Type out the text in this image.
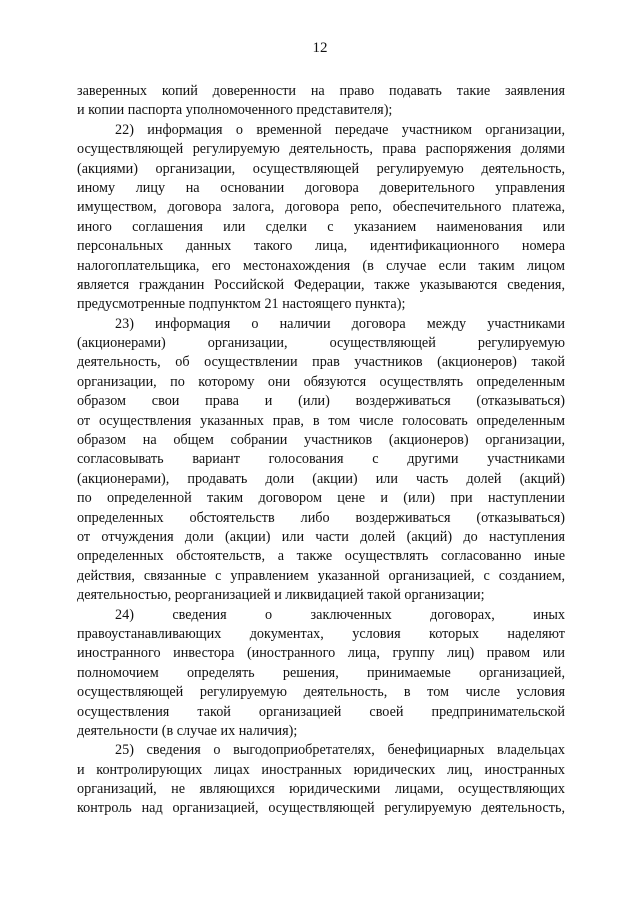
12
заверенных копий доверенности на право подавать такие заявления
и копии паспорта уполномоченного представителя);
22) информация о временной передаче участником организации,
осуществляющей регулируемую деятельность, права распоряжения долями
(акциями) организации, осуществляющей регулируемую деятельность,
иному лицу на основании договора доверительного управления
имуществом, договора залога, договора репо, обеспечительного платежа,
иного соглашения или сделки с указанием наименования или
персональных данных такого лица, идентификационного номера
налогоплательщика, его местонахождения (в случае если таким лицом
является гражданин Российской Федерации, также указываются сведения,
предусмотренные подпунктом 21 настоящего пункта);
23) информация о наличии договора между участниками
(акционерами) организации, осуществляющей регулируемую
деятельность, об осуществлении прав участников (акционеров) такой
организации, по которому они обязуются осуществлять определенным
образом свои права и (или) воздерживаться (отказываться)
от осуществления указанных прав, в том числе голосовать определенным
образом на общем собрании участников (акционеров) организации,
согласовывать вариант голосования с другими участниками
(акционерами), продавать доли (акции) или часть долей (акций)
по определенной таким договором цене и (или) при наступлении
определенных обстоятельств либо воздерживаться (отказываться)
от отчуждения доли (акции) или части долей (акций) до наступления
определенных обстоятельств, а также осуществлять согласованно иные
действия, связанные с управлением указанной организацией, с созданием,
деятельностью, реорганизацией и ликвидацией такой организации;
24) сведения о заключенных договорах, иных
правоустанавливающих документах, условия которых наделяют
иностранного инвестора (иностранного лица, группу лиц) правом или
полномочием определять решения, принимаемые организацией,
осуществляющей регулируемую деятельность, в том числе условия
осуществления такой организацией своей предпринимательской
деятельности (в случае их наличия);
25) сведения о выгодоприобретателях, бенефициарных владельцах
и контролирующих лицах иностранных юридических лиц, иностранных
организаций, не являющихся юридическими лицами, осуществляющих
контроль над организацией, осуществляющей регулируемую деятельность,
